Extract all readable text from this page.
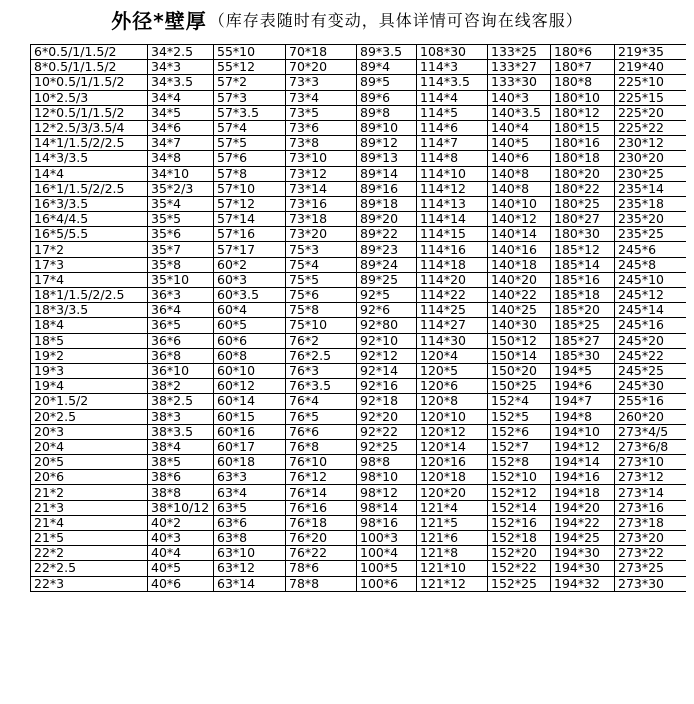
外径*壁厚 （库存表随时有变动，具体详情可咨询在线客服）
6*0.5/1/1.5/2	34*2.5	55*10	70*18	89*3.5	108*30	133*25	180*6	219*35
8*0.5/1/1.5/2	34*3	55*12	70*20	89*4	114*3	133*27	180*7	219*40
10*0.5/1/1.5/2	34*3.5	57*2	73*3	89*5	114*3.5	133*30	180*8	225*10
10*2.5/3	34*4	57*3	73*4	89*6	114*4	140*3	180*10	225*15
12*0.5/1/1.5/2	34*5	57*3.5	73*5	89*8	114*5	140*3.5	180*12	225*20
12*2.5/3/3.5/4	34*6	57*4	73*6	89*10	114*6	140*4	180*15	225*22
14*1/1.5/2/2.5	34*7	57*5	73*8	89*12	114*7	140*5	180*16	230*12
14*3/3.5	34*8	57*6	73*10	89*13	114*8	140*6	180*18	230*20
14*4	34*10	57*8	73*12	89*14	114*10	140*8	180*20	230*25
16*1/1.5/2/2.5	35*2/3	57*10	73*14	89*16	114*12	140*8	180*22	235*14
16*3/3.5	35*4	57*12	73*16	89*18	114*13	140*10	180*25	235*18
16*4/4.5	35*5	57*14	73*18	89*20	114*14	140*12	180*27	235*20
16*5/5.5	35*6	57*16	73*20	89*22	114*15	140*14	180*30	235*25
17*2	35*7	57*17	75*3	89*23	114*16	140*16	185*12	245*6
17*3	35*8	60*2	75*4	89*24	114*18	140*18	185*14	245*8
17*4	35*10	60*3	75*5	89*25	114*20	140*20	185*16	245*10
18*1/1.5/2/2.5	36*3	60*3.5	75*6	92*5	114*22	140*22	185*18	245*12
18*3/3.5	36*4	60*4	75*8	92*6	114*25	140*25	185*20	245*14
18*4	36*5	60*5	75*10	92*80	114*27	140*30	185*25	245*16
18*5	36*6	60*6	76*2	92*10	114*30	150*12	185*27	245*20
19*2	36*8	60*8	76*2.5	92*12	120*4	150*14	185*30	245*22
19*3	36*10	60*10	76*3	92*14	120*5	150*20	194*5	245*25
19*4	38*2	60*12	76*3.5	92*16	120*6	150*25	194*6	245*30
20*1.5/2	38*2.5	60*14	76*4	92*18	120*8	152*4	194*7	255*16
20*2.5	38*3	60*15	76*5	92*20	120*10	152*5	194*8	260*20
20*3	38*3.5	60*16	76*6	92*22	120*12	152*6	194*10	273*4/5
20*4	38*4	60*17	76*8	92*25	120*14	152*7	194*12	273*6/8
20*5	38*5	60*18	76*10	98*8	120*16	152*8	194*14	273*10
20*6	38*6	63*3	76*12	98*10	120*18	152*10	194*16	273*12
21*2	38*8	63*4	76*14	98*12	120*20	152*12	194*18	273*14
21*3	38*10/12	63*5	76*16	98*14	121*4	152*14	194*20	273*16
21*4	40*2	63*6	76*18	98*16	121*5	152*16	194*22	273*18
21*5	40*3	63*8	76*20	100*3	121*6	152*18	194*25	273*20
22*2	40*4	63*10	76*22	100*4	121*8	152*20	194*30	273*22
22*2.5	40*5	63*12	78*6	100*5	121*10	152*22	194*30	273*25
22*3	40*6	63*14	78*8	100*6	121*12	152*25	194*32	273*30
